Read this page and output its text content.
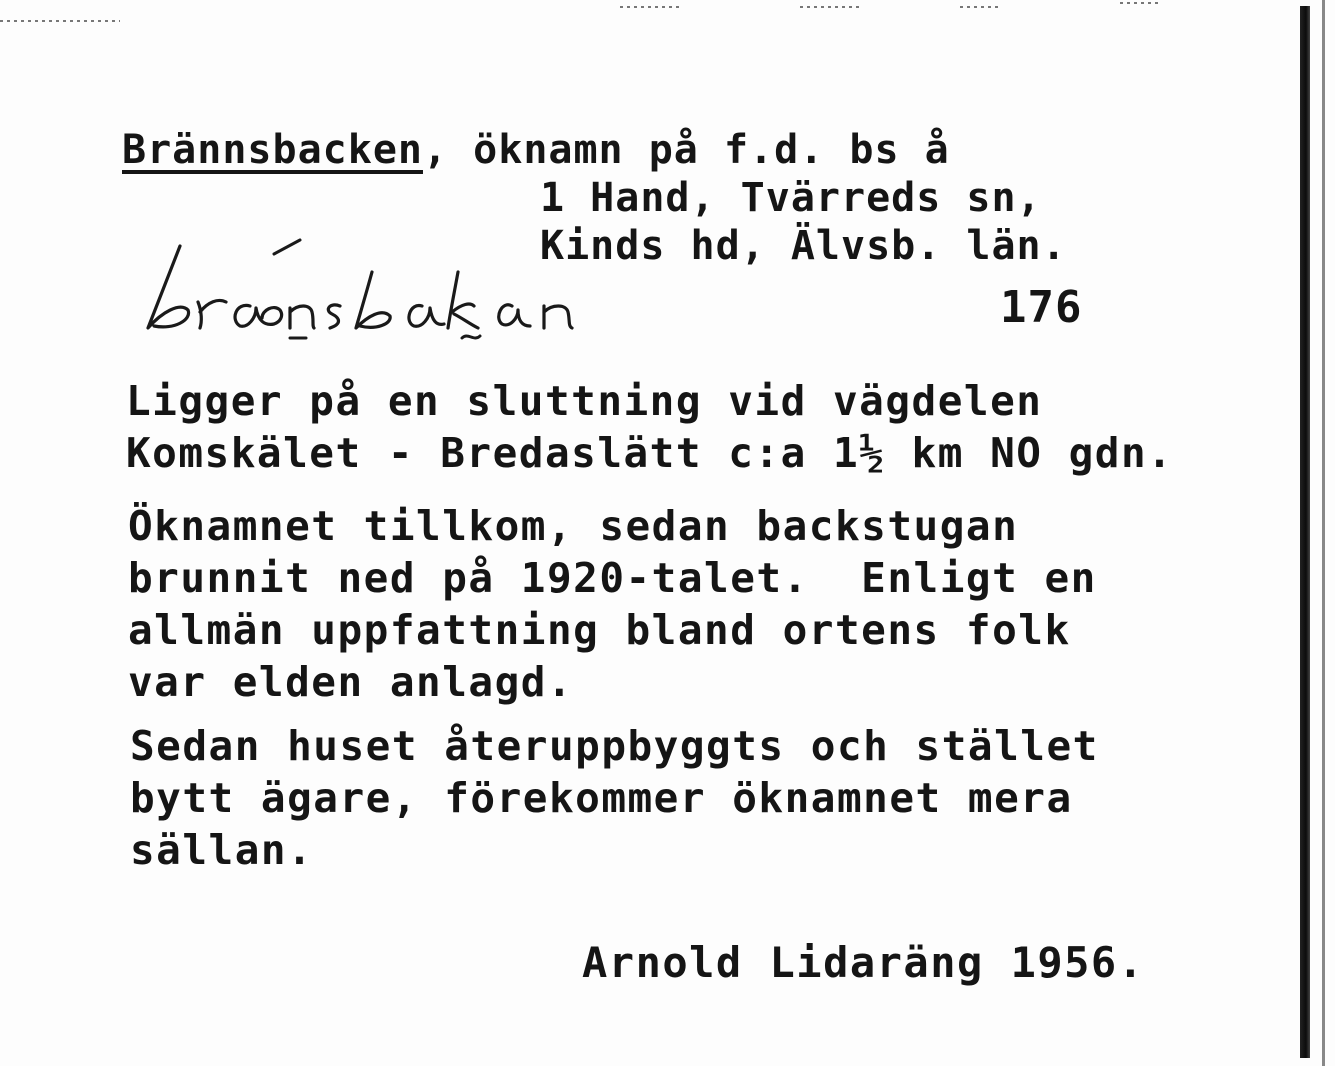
Brännsbacken, öknamn på f.d. bs å
1 Hand, Tvärreds sn,
Kinds hd, Älvsb. län.
176
Ligger på en sluttning vid vägdelen
Komskälet - Bredaslätt c:a 1½ km NO gdn.
Öknamnet tillkom, sedan backstugan
brunnit ned på 1920-talet.  Enligt en
allmän uppfattning bland ortens folk
var elden anlagd.
Sedan huset återuppbyggts och stället
bytt ägare, förekommer öknamnet mera
sällan.
Arnold Lidaräng 1956.
